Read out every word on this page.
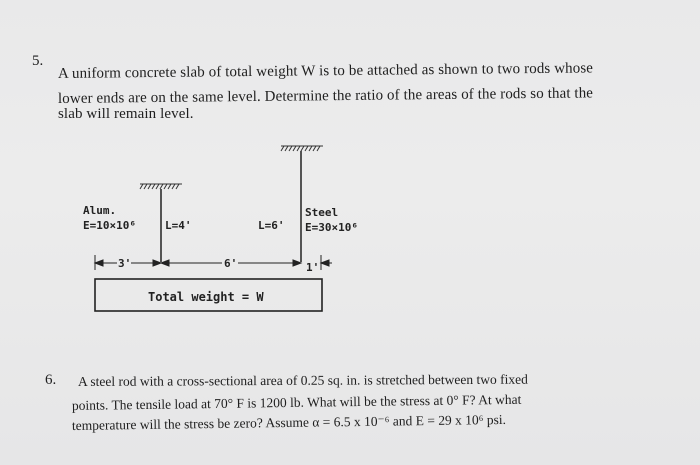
5. A uniform concrete slab of total weight W is to be attached as shown to two rods whose
lower ends are on the same level. Determine the ratio of the areas of the rods so that the
slab will remain level.
Alum.
E=10×10⁶	L=4'	L=6'
Steel
E=30×10⁶
3'	6'	1'
Total weight = W
6. A steel rod with a cross-sectional area of 0.25 sq. in. is stretched between two fixed
points. The tensile load at 70° F is 1200 lb. What will be the stress at 0° F? At what
temperature will the stress be zero? Assume α = 6.5 x 10⁻⁶ and E = 29 x 10⁶ psi.
